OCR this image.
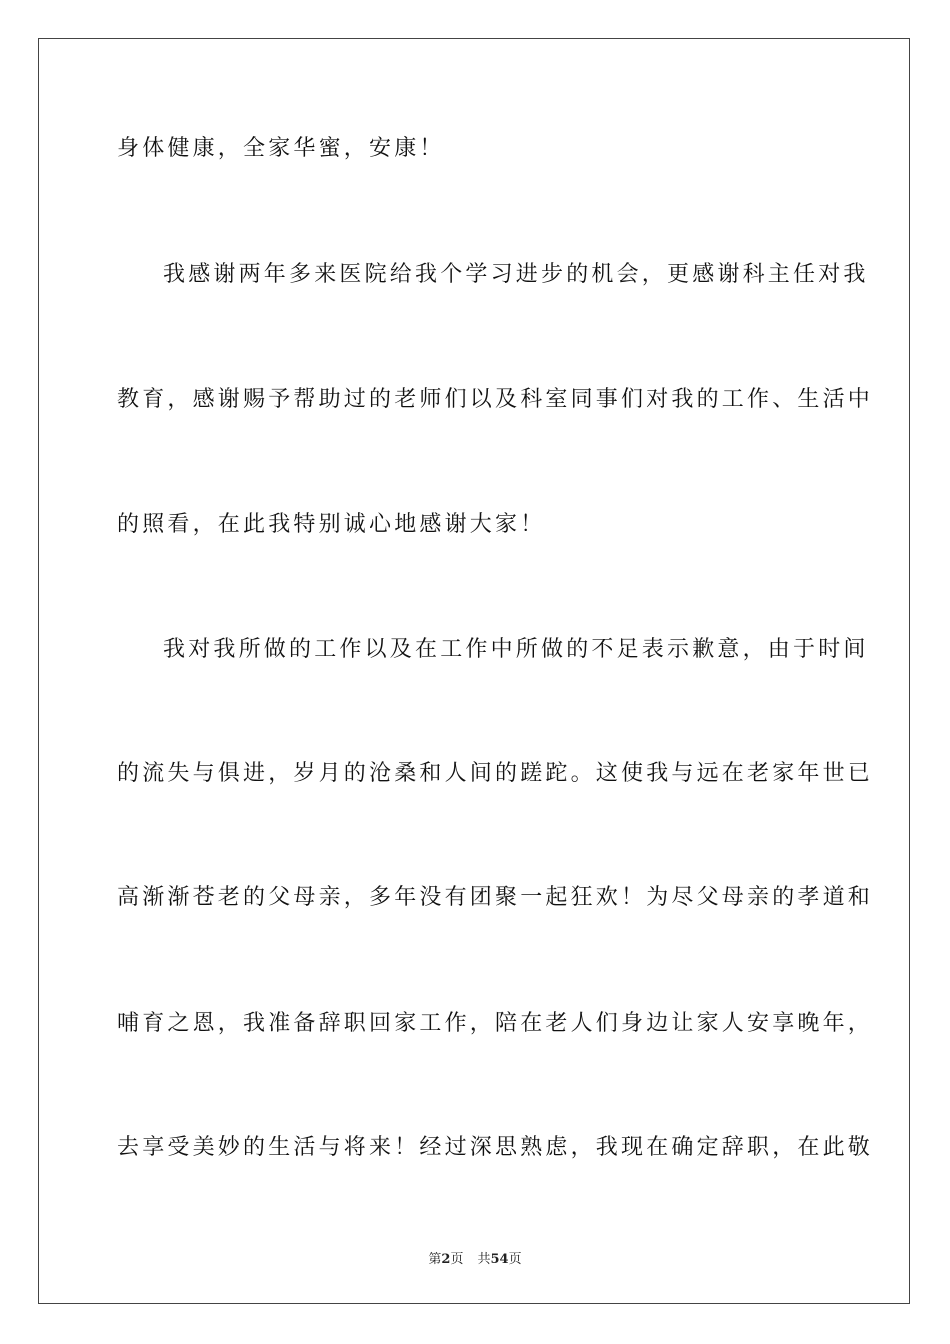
身体健康，全家华蜜，安康！
我感谢两年多来医院给我个学习进步的机会，更感谢科主任对我
教育，感谢赐予帮助过的老师们以及科室同事们对我的工作、生活中
的照看，在此我特别诚心地感谢大家！
我对我所做的工作以及在工作中所做的不足表示歉意，由于时间
的流失与俱进，岁月的沧桑和人间的蹉跎。这使我与远在老家年世已
高渐渐苍老的父母亲，多年没有团聚一起狂欢！为尽父母亲的孝道和
哺育之恩，我准备辞职回家工作，陪在老人们身边让家人安享晚年，
去享受美妙的生活与将来！经过深思熟虑，我现在确定辞职，在此敬
第2页 共54页
